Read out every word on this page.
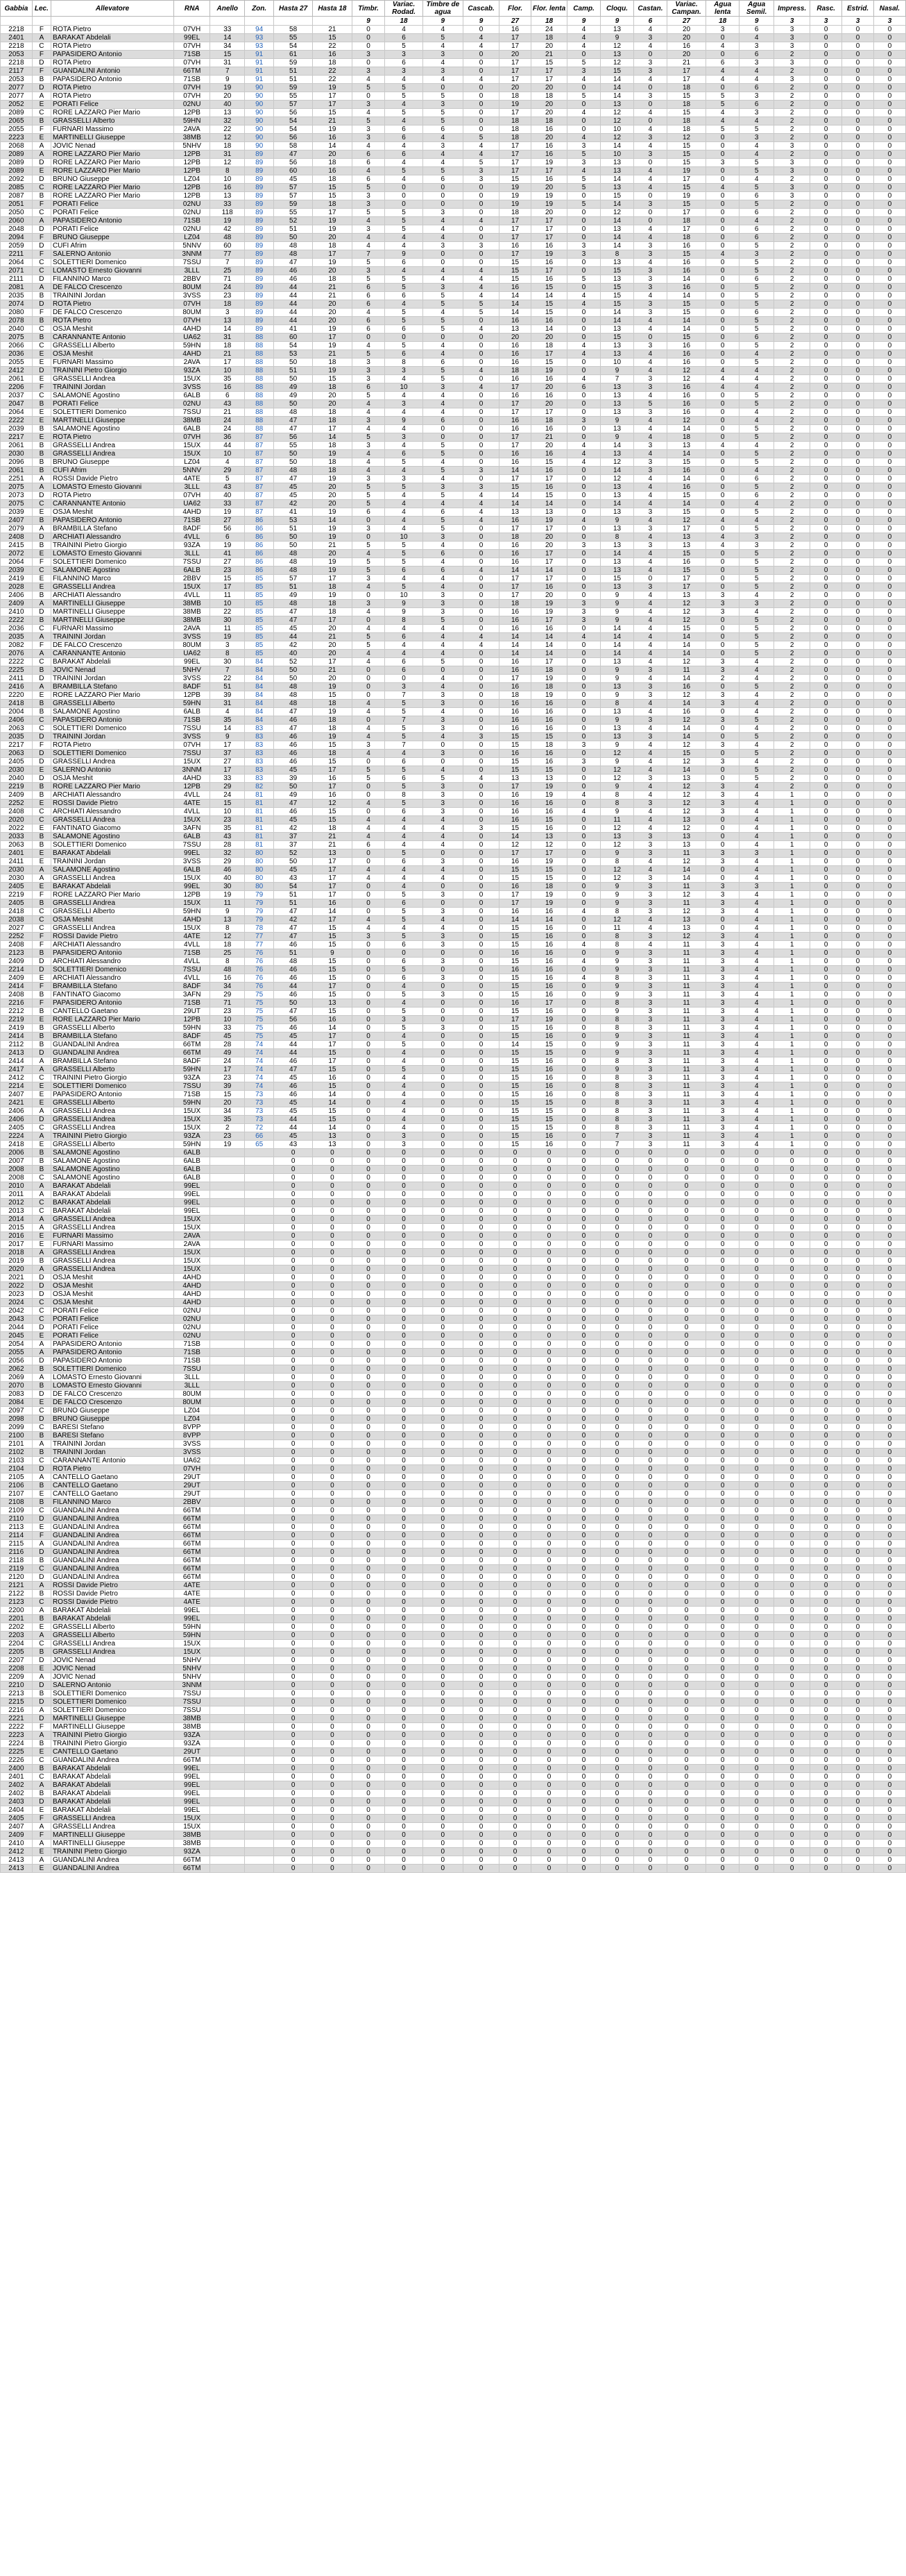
Gabbia	Lec.	Allevatore	RNA	Anello	Zon.	Hasta 27	Hasta 18	Timbr.	Variac. Rodad.	Timbre de agua	Cascab.	Flor.	Flor. lenta	Camp.	Cloqu.	Castan.	Variac. Campan.	Agua lenta	Agua Semil.	Impress.	Rasc.	Estrid.	Nasal.
								9	18	9	9	27	18	9	9	6	27	18	9	3	3	3	3
2218	F	ROTA Pietro	07VH	33	94	58	21	0	4	4	0	16	24	4	13	4	20	3	6	3	0	0	0
2401	A	BARAKAT Abdelali	99EL	14	93	55	15	0	6	5	4	17	18	4	9	3	20	0	4	3	0	0	0
2218	C	ROTA Pietro	07VH	34	93	54	22	0	5	4	4	17	20	4	12	4	16	4	3	3	0	0	0
2053	F	PAPASIDERO Antonio	71SB	15	91	61	16	3	3	3	0	20	21	0	13	0	20	0	6	2	0	0	0
2218	D	ROTA Pietro	07VH	31	91	59	18	0	6	4	0	17	15	5	12	3	21	6	3	3	0	0	0
2117	F	GUANDALINI Antonio	66TM	7	91	51	22	3	3	3	0	17	17	3	15	3	17	4	4	2	0	0	0
2053	B	PAPASIDERO Antonio	71SB	9	91	51	22	4	4	4	4	17	17	4	14	4	17	4	4	3	0	0	0
2077	D	ROTA Pietro	07VH	19	90	59	19	5	5	0	0	20	20	0	14	0	18	0	6	2	0	0	0
2077	A	ROTA Pietro	07VH	20	90	55	17	0	5	5	0	18	18	5	14	3	15	5	3	2	0	0	0
2052	E	PORATI Felice	02NU	40	90	57	17	3	4	3	0	19	20	0	13	0	18	5	6	2	0	0	0
2089	C	RORE LAZZARO Pier Mario	12PB	13	90	56	15	4	5	5	0	17	20	4	12	4	15	4	3	2	0	0	0
2065	B	GRASSELLI Alberto	59HN	32	90	54	21	5	4	5	0	18	18	0	12	0	18	4	4	2	0	0	0
2055	F	FURNARI Massimo	2AVA	22	90	54	19	3	6	6	0	18	16	0	10	4	18	5	5	2	0	0	0
2223	E	MARTINELLI Giuseppe	38MB	12	90	56	16	3	6	4	5	18	20	4	12	3	12	0	3	2	0	0	0
2068	A	JOVIC Nenad	5NHV	18	90	58	14	4	4	3	4	17	16	3	14	4	15	0	4	3	0	0	0
2089	A	RORE LAZZARO Pier Mario	12PB	31	89	47	20	6	6	4	4	17	16	5	10	3	15	0	4	2	0	0	0
2089	D	RORE LAZZARO Pier Mario	12PB	12	89	56	18	6	4	4	5	17	19	3	13	0	15	3	5	3	0	0	0
2089	E	RORE LAZZARO Pier Mario	12PB	8	89	60	16	4	5	5	3	17	17	4	13	4	19	0	5	3	0	0	0
2092	D	BRUNO Giuseppe	LZ04	10	89	45	18	6	4	6	3	15	16	5	14	4	17	0	4	2	0	0	0
2085	C	RORE LAZZARO Pier Mario	12PB	16	89	57	15	5	0	0	0	19	20	5	13	4	15	4	5	3	0	0	0
2087	B	RORE LAZZARO Pier Mario	12PB	13	89	57	15	3	0	0	0	19	19	0	15	0	19	0	6	3	0	0	0
2051	F	PORATI Felice	02NU	33	89	59	18	3	0	0	0	19	19	5	14	3	15	0	5	2	0	0	0
2050	C	PORATI Felice	02NU	118	89	55	17	5	5	3	0	18	20	0	12	0	17	0	6	2	0	0	0
2060	A	PAPASIDERO Antonio	71SB	19	89	52	19	4	5	4	4	17	17	0	14	0	18	0	4	2	0	0	0
2048	D	PORATI Felice	02NU	42	89	51	19	3	5	4	0	17	17	0	13	4	17	0	6	2	0	0	0
2094	F	BRUNO Giuseppe	LZ04	48	89	50	20	4	4	4	0	17	17	0	14	4	18	0	6	2	0	0	0
2059	D	CUFI Afrim	5NNV	60	89	48	18	4	4	3	3	16	16	3	14	3	16	0	5	2	0	0	0
2211	F	SALERNO Antonio	3NNM	77	89	48	17	7	9	0	0	17	19	3	8	3	15	4	3	2	0	0	0
2064	C	SOLETTIERI Domenico	7SSU	7	89	47	19	5	6	0	0	15	16	0	13	4	16	0	5	2	0	0	0
2071	C	LOMASTO Ernesto Giovanni	3LLL	25	89	46	20	3	4	4	4	15	17	0	15	3	16	0	5	2	0	0	0
2111	D	FILANNINO Marco	2BBV	71	89	46	18	5	5	4	4	15	16	5	13	3	14	0	6	2	0	0	0
2081	A	DE FALCO Crescenzo	80UM	24	89	44	21	6	5	3	4	16	15	0	15	3	16	0	5	2	0	0	0
2035	B	TRAININI Jordan	3VSS	23	89	44	21	6	6	5	4	14	14	4	15	4	14	0	5	2	0	0	0
2074	D	ROTA Pietro	07VH	18	89	44	20	6	4	5	5	14	15	4	15	3	15	0	5	2	0	0	0
2080	F	DE FALCO Crescenzo	80UM	3	89	44	20	4	5	4	5	14	15	0	14	3	15	0	6	2	0	0	0
2078	B	ROTA Pietro	07VH	13	89	44	20	6	5	5	0	16	16	0	14	4	14	0	5	2	0	0	0
2040	C	OSJA Meshit	4AHD	14	89	41	19	6	6	5	4	13	14	0	13	4	14	0	5	2	0	0	0
2075	B	CARANNANTE Antonio	UA62	31	88	60	17	0	0	0	0	20	20	0	15	0	15	0	6	2	0	0	0
2066	C	GRASSELLI Alberto	59HN	18	88	54	19	4	5	4	0	16	18	4	13	3	16	0	5	2	0	0	0
2036	E	OSJA Meshit	4AHD	21	88	53	21	5	6	4	0	16	17	4	13	4	16	0	4	2	0	0	0
2055	E	FURNARI Massimo	2AVA	17	88	50	18	3	8	6	0	16	15	0	10	4	16	0	5	2	0	0	0
2412	D	TRAININI Pietro Giorgio	93ZA	10	88	51	19	3	3	5	4	18	19	0	9	4	12	4	4	2	0	0	0
2061	E	GRASSELLI Andrea	15UX	35	88	50	15	3	4	5	0	16	16	4	7	3	12	4	4	2	0	0	0
2206	F	TRAININI Jordan	3VSS	16	88	49	18	6	10	3	4	17	20	6	13	3	16	4	4	2	0	0	0
2037	C	SALAMONE Agostino	6ALB	6	88	49	20	5	4	4	0	16	16	0	13	4	16	0	5	2	0	0	0
2047	B	PORATI Felice	02NU	43	88	50	20	4	3	4	0	17	20	0	13	5	16	0	5	2	0	0	0
2064	E	SOLETTIERI Domenico	7SSU	21	88	48	18	4	4	4	0	17	17	0	13	3	16	0	4	2	0	0	0
2222	E	MARTINELLI Giuseppe	38MB	24	88	47	18	3	9	6	0	16	18	3	9	4	12	0	4	2	0	0	0
2039	B	SALAMONE Agostino	6ALB	24	88	47	17	4	4	0	0	16	16	0	13	4	14	0	5	2	0	0	0
2217	E	ROTA Pietro	07VH	36	87	56	14	5	3	0	0	17	21	0	9	4	18	0	5	2	0	0	0
2061	B	GRASSELLI Andrea	15UX	44	87	55	18	3	4	5	0	17	20	4	14	3	13	4	4	2	0	0	0
2030	B	GRASSELLI Andrea	15UX	10	87	50	19	4	6	5	0	16	16	4	13	4	14	0	5	2	0	0	0
2096	B	BRUNO Giuseppe	LZ04	4	87	50	18	4	5	4	0	16	15	4	12	3	15	0	5	2	0	0	0
2061	B	CUFI Afrim	5NNV	29	87	48	18	4	4	5	3	14	16	0	14	3	16	0	4	2	0	0	0
2251	A	ROSSI Davide Pietro	4ATE	5	87	47	19	3	3	4	0	17	17	0	12	4	14	0	6	2	0	0	0
2075	A	LOMASTO Ernesto Giovanni	3LLL	43	87	45	20	5	5	3	3	15	16	0	13	4	16	0	5	2	0	0	0
2073	D	ROTA Pietro	07VH	40	87	45	20	5	4	5	4	14	15	0	13	4	15	0	6	2	0	0	0
2075	C	CARANNANTE Antonio	UA62	33	87	42	20	5	4	4	4	14	14	0	14	4	14	0	4	2	0	0	0
2039	E	OSJA Meshit	4AHD	19	87	41	19	6	4	6	4	13	13	0	13	3	15	0	5	2	0	0	0
2407	B	PAPASIDERO Antonio	71SB	27	86	53	14	0	4	5	4	16	19	4	9	4	12	4	4	2	0	0	0
2079	A	BRAMBILLA Stefano	8ADF	56	86	51	19	3	4	5	0	17	17	0	13	3	17	0	5	2	0	0	0
2408	D	ARCHIATI Alessandro	4VLL	6	86	50	19	0	10	3	0	18	20	0	8	4	13	4	3	2	0	0	0
2415	B	TRAININI Pietro Giorgio	93ZA	19	86	50	21	5	5	4	0	16	20	3	13	3	13	4	3	2	0	0	0
2072	E	LOMASTO Ernesto Giovanni	3LLL	41	86	48	20	4	5	6	0	16	17	0	14	4	15	0	5	2	0	0	0
2064	F	SOLETTIERI Domenico	7SSU	27	86	48	19	5	5	4	0	16	17	0	13	4	16	0	5	2	0	0	0
2039	C	SALAMONE Agostino	6ALB	23	86	48	19	5	6	6	4	14	14	0	13	4	15	0	5	2	0	0	0
2419	E	FILANNINO Marco	2BBV	15	85	57	17	3	4	4	0	17	17	0	15	0	17	0	5	2	0	0	0
2028	E	GRASSELLI Andrea	15UX	17	85	51	18	4	5	4	0	17	16	0	13	3	17	0	5	2	0	0	0
2406	B	ARCHIATI Alessandro	4VLL	11	85	49	19	0	10	3	0	17	20	0	9	4	13	3	4	2	0	0	0
2409	A	MARTINELLI Giuseppe	38MB	10	85	48	18	3	9	3	0	18	19	3	9	4	12	3	3	2	0	0	0
2410	D	MARTINELLI Giuseppe	38MB	22	85	47	18	4	9	3	0	16	19	3	9	4	12	3	4	2	0	0	0
2222	B	MARTINELLI Giuseppe	38MB	30	85	47	17	0	8	5	0	16	17	3	9	4	12	0	5	2	0	0	0
2036	C	FURNARI Massimo	2AVA	11	85	45	20	4	4	4	0	16	16	0	14	4	15	0	5	2	0	0	0
2035	A	TRAININI Jordan	3VSS	19	85	44	21	5	6	4	4	14	14	4	14	4	14	0	5	2	0	0	0
2082	F	DE FALCO Crescenzo	80UM	3	85	42	20	5	4	4	4	14	14	0	14	4	14	0	5	2	0	0	0
2076	A	CARANNANTE Antonio	UA62	8	85	40	20	4	4	4	0	14	14	0	14	4	14	0	5	2	0	0	0
2222	C	BARAKAT Abdelali	99EL	30	84	52	17	4	6	5	0	16	17	0	13	4	12	3	4	2	0	0	0
2225	B	JOVIC Nenad	5NHV	7	84	50	21	0	6	0	0	16	18	0	9	3	11	3	4	2	0	0	0
2411	D	TRAININI Jordan	3VSS	22	84	50	20	0	0	4	0	17	19	0	9	4	14	2	4	2	0	0	0
2416	A	BRAMBILLA Stefano	8ADF	51	84	48	19	0	3	4	0	16	18	0	13	3	16	0	5	2	0	0	0
2220	E	RORE LAZZARO Pier Mario	12PB	39	84	48	15	0	7	3	0	18	19	0	9	3	12	3	4	2	0	0	0
2418	B	GRASSELLI Alberto	59HN	31	84	48	18	4	5	3	0	16	16	0	8	4	14	3	4	2	0	0	0
2004	B	SALAMONE Agostino	6ALB	4	84	47	19	4	5	4	0	16	16	0	13	4	16	0	4	2	0	0	0
2406	C	PAPASIDERO Antonio	71SB	35	84	46	18	0	7	3	0	16	16	0	9	3	12	3	5	2	0	0	0
2063	C	SOLETTIERI Domenico	7SSU	14	83	47	18	4	5	3	0	16	16	0	13	4	14	0	4	2	0	0	0
2035	D	TRAININI Jordan	3VSS	9	83	46	19	4	5	4	3	15	15	0	13	3	14	0	5	2	0	0	0
2217	F	ROTA Pietro	07VH	17	83	46	15	3	7	0	0	15	18	3	9	4	12	3	4	2	0	0	0
2063	D	SOLETTIERI Domenico	7SSU	37	83	46	18	4	4	3	0	16	16	0	12	4	15	0	5	2	0	0	0
2405	D	GRASSELLI Andrea	15UX	27	83	46	15	0	6	0	0	15	16	3	9	4	12	3	4	2	0	0	0
2030	E	SALERNO Antonio	3NNM	17	83	45	17	5	5	4	0	15	15	0	12	4	14	0	5	2	0	0	0
2040	D	OSJA Meshit	4AHD	33	83	39	16	5	6	5	4	13	13	0	12	3	13	0	5	2	0	0	0
2219	B	RORE LAZZARO Pier Mario	12PB	29	82	50	17	0	5	3	0	17	19	0	9	4	12	3	4	2	0	0	0
2409	B	ARCHIATI Alessandro	4VLL	24	81	49	16	0	8	3	0	16	19	4	8	4	12	3	4	1	0	0	0
2252	E	ROSSI Davide Pietro	4ATE	15	81	47	12	4	5	3	0	16	16	0	8	3	12	3	4	1	0	0	0
2408	C	ARCHIATI Alessandro	4VLL	10	81	46	15	0	6	3	0	16	16	4	9	4	12	3	4	1	0	0	0
2020	C	GRASSELLI Andrea	15UX	23	81	45	15	4	4	4	0	16	15	0	11	4	13	0	4	1	0	0	0
2022	E	FANTINATO Giacomo	3AFN	35	81	42	18	4	4	4	3	15	16	0	12	4	12	0	4	1	0	0	0
2033	B	SALAMONE Agostino	6ALB	43	81	37	21	4	4	4	0	14	13	0	13	3	13	0	4	1	0	0	0
2063	B	SOLETTIERI Domenico	7SSU	28	81	37	21	6	4	4	0	12	12	0	12	3	13	0	4	1	0	0	0
2401	E	BARAKAT Abdelali	99EL	32	80	52	13	0	5	0	0	17	17	0	9	3	11	3	3	1	0	0	0
2411	E	TRAININI Jordan	3VSS	29	80	50	17	0	6	3	0	16	19	0	8	4	12	3	4	1	0	0	0
2030	A	SALAMONE Agostino	6ALB	46	80	45	17	4	4	4	0	15	15	0	12	4	14	0	4	1	0	0	0
2030	A	GRASSELLI Andrea	15UX	40	80	43	17	4	4	4	0	15	15	0	12	3	14	0	4	1	0	0	0
2405	E	BARAKAT Abdelali	99EL	30	80	54	17	0	4	0	0	16	18	0	9	3	11	3	3	1	0	0	0
2219	F	RORE LAZZARO Pier Mario	12PB	19	79	51	17	0	5	3	0	17	19	0	9	3	12	3	4	1	0	0	0
2405	B	GRASSELLI Andrea	15UX	11	79	51	16	0	6	0	0	17	19	0	9	3	11	3	4	1	0	0	0
2418	C	GRASSELLI Alberto	59HN	9	79	47	14	0	5	3	0	16	16	4	8	3	12	3	4	1	0	0	0
2038	C	OSJA Meshit	4AHD	13	79	42	17	4	5	4	0	14	14	0	12	4	13	0	4	1	0	0	0
2027	C	GRASSELLI Andrea	15UX	8	78	47	15	4	4	4	0	15	16	0	11	4	13	0	4	1	0	0	0
2252	F	ROSSI Davide Pietro	4ATE	12	77	47	15	3	5	3	0	15	16	0	8	3	12	3	4	1	0	0	0
2408	F	ARCHIATI Alessandro	4VLL	18	77	46	15	0	6	3	0	15	16	4	8	4	11	3	4	1	0	0	0
2123	B	PAPASIDERO Antonio	71SB	25	76	51	9	0	0	0	0	16	16	0	9	3	11	3	4	1	0	0	0
2409	D	ARCHIATI Alessandro	4VLL	8	76	48	15	0	6	3	0	15	16	4	9	3	11	3	4	1	0	0	0
2214	D	SOLETTIERI Domenico	7SSU	48	76	46	15	0	5	0	0	16	16	0	9	3	11	3	4	1	0	0	0
2409	E	ARCHIATI Alessandro	4VLL	16	76	46	15	0	6	3	0	15	16	4	8	3	11	3	4	1	0	0	0
2414	F	BRAMBILLA Stefano	8ADF	34	76	44	17	0	4	0	0	15	16	0	9	3	11	3	4	1	0	0	0
2408	B	FANTINATO Giacomo	3AFN	29	75	46	15	0	5	3	0	15	16	0	9	3	11	3	4	1	0	0	0
2216	F	PAPASIDERO Antonio	71SB	71	75	50	13	0	4	0	0	16	17	0	8	3	11	3	4	1	0	0	0
2212	B	CANTELLO Gaetano	29UT	23	75	47	15	0	5	0	0	15	16	0	9	3	11	3	4	1	0	0	0
2219	E	RORE LAZZARO Pier Mario	12PB	10	75	56	16	0	3	0	0	17	19	0	8	3	11	3	4	1	0	0	0
2419	B	GRASSELLI Alberto	59HN	33	75	46	14	0	5	3	0	15	16	0	8	3	11	3	4	1	0	0	0
2414	B	BRAMBILLA Stefano	8ADF	45	75	45	17	0	4	0	0	15	16	0	9	3	11	3	4	1	0	0	0
2112	B	GUANDALINI Andrea	66TM	28	74	44	17	0	5	0	0	14	15	0	9	3	11	3	4	1	0	0	0
2413	D	GUANDALINI Andrea	66TM	49	74	44	15	0	4	0	0	15	15	0	9	3	11	3	4	1	0	0	0
2414	A	BRAMBILLA Stefano	8ADF	24	74	46	17	0	4	0	0	15	16	0	8	3	11	3	4	1	0	0	0
2417	A	GRASSELLI Alberto	59HN	17	74	47	15	0	5	0	0	15	16	0	9	3	11	3	4	1	0	0	0
2412	C	TRAININI Pietro Giorgio	93ZA	23	74	45	16	0	4	0	0	15	16	0	8	3	11	3	4	1	0	0	0
2214	E	SOLETTIERI Domenico	7SSU	39	74	46	15	0	4	0	0	15	16	0	8	3	11	3	4	1	0	0	0
2407	E	PAPASIDERO Antonio	71SB	15	73	46	14	0	4	0	0	15	16	0	8	3	11	3	4	1	0	0	0
2421	E	GRASSELLI Alberto	59HN	20	73	45	14	0	4	0	0	15	15	0	8	3	11	3	4	1	0	0	0
2406	A	GRASSELLI Andrea	15UX	34	73	45	15	0	4	0	0	15	15	0	8	3	11	3	4	1	0	0	0
2406	D	GRASSELLI Andrea	15UX	35	73	44	15	0	4	0	0	15	15	0	8	3	11	3	4	1	0	0	0
2405	C	GRASSELLI Andrea	15UX	2	72	44	14	0	4	0	0	15	15	0	8	3	11	3	4	1	0	0	0
2224	A	TRAININI Pietro Giorgio	93ZA	23	66	45	13	0	3	0	0	15	16	0	7	3	11	3	4	1	0	0	0
2418	E	GRASSELLI Alberto	59HN	19	65	43	13	0	3	0	0	15	16	0	7	3	11	3	4	1	0	0	0
2006	B	SALAMONE Agostino	6ALB			0	0	0	0	0	0	0	0	0	0	0	0	0	0	0	0	0	0
2007	B	SALAMONE Agostino	6ALB			0	0	0	0	0	0	0	0	0	0	0	0	0	0	0	0	0	0
2008	B	SALAMONE Agostino	6ALB			0	0	0	0	0	0	0	0	0	0	0	0	0	0	0	0	0	0
2008	C	SALAMONE Agostino	6ALB			0	0	0	0	0	0	0	0	0	0	0	0	0	0	0	0	0	0
2010	A	BARAKAT Abdelali	99EL			0	0	0	0	0	0	0	0	0	0	0	0	0	0	0	0	0	0
2011	A	BARAKAT Abdelali	99EL			0	0	0	0	0	0	0	0	0	0	0	0	0	0	0	0	0	0
2012	C	BARAKAT Abdelali	99EL			0	0	0	0	0	0	0	0	0	0	0	0	0	0	0	0	0	0
2013	C	BARAKAT Abdelali	99EL			0	0	0	0	0	0	0	0	0	0	0	0	0	0	0	0	0	0
2014	A	GRASSELLI Andrea	15UX			0	0	0	0	0	0	0	0	0	0	0	0	0	0	0	0	0	0
2015	A	GRASSELLI Andrea	15UX			0	0	0	0	0	0	0	0	0	0	0	0	0	0	0	0	0	0
2016	E	FURNARI Massimo	2AVA			0	0	0	0	0	0	0	0	0	0	0	0	0	0	0	0	0	0
2017	E	FURNARI Massimo	2AVA			0	0	0	0	0	0	0	0	0	0	0	0	0	0	0	0	0	0
2018	A	GRASSELLI Andrea	15UX			0	0	0	0	0	0	0	0	0	0	0	0	0	0	0	0	0	0
2019	B	GRASSELLI Andrea	15UX			0	0	0	0	0	0	0	0	0	0	0	0	0	0	0	0	0	0
2020	A	GRASSELLI Andrea	15UX			0	0	0	0	0	0	0	0	0	0	0	0	0	0	0	0	0	0
2021	D	OSJA Meshit	4AHD			0	0	0	0	0	0	0	0	0	0	0	0	0	0	0	0	0	0
2022	D	OSJA Meshit	4AHD			0	0	0	0	0	0	0	0	0	0	0	0	0	0	0	0	0	0
2023	D	OSJA Meshit	4AHD			0	0	0	0	0	0	0	0	0	0	0	0	0	0	0	0	0	0
2024	C	OSJA Meshit	4AHD			0	0	0	0	0	0	0	0	0	0	0	0	0	0	0	0	0	0
2042	C	PORATI Felice	02NU			0	0	0	0	0	0	0	0	0	0	0	0	0	0	0	0	0	0
2043	C	PORATI Felice	02NU			0	0	0	0	0	0	0	0	0	0	0	0	0	0	0	0	0	0
2044	D	PORATI Felice	02NU			0	0	0	0	0	0	0	0	0	0	0	0	0	0	0	0	0	0
2045	E	PORATI Felice	02NU			0	0	0	0	0	0	0	0	0	0	0	0	0	0	0	0	0	0
2054	A	PAPASIDERO Antonio	71SB			0	0	0	0	0	0	0	0	0	0	0	0	0	0	0	0	0	0
2055	A	PAPASIDERO Antonio	71SB			0	0	0	0	0	0	0	0	0	0	0	0	0	0	0	0	0	0
2056	D	PAPASIDERO Antonio	71SB			0	0	0	0	0	0	0	0	0	0	0	0	0	0	0	0	0	0
2062	B	SOLETTIERI Domenico	7SSU			0	0	0	0	0	0	0	0	0	0	0	0	0	0	0	0	0	0
2069	A	LOMASTO Ernesto Giovanni	3LLL			0	0	0	0	0	0	0	0	0	0	0	0	0	0	0	0	0	0
2070	B	LOMASTO Ernesto Giovanni	3LLL			0	0	0	0	0	0	0	0	0	0	0	0	0	0	0	0	0	0
2083	D	DE FALCO Crescenzo	80UM			0	0	0	0	0	0	0	0	0	0	0	0	0	0	0	0	0	0
2084	E	DE FALCO Crescenzo	80UM			0	0	0	0	0	0	0	0	0	0	0	0	0	0	0	0	0	0
2097	C	BRUNO Giuseppe	LZ04			0	0	0	0	0	0	0	0	0	0	0	0	0	0	0	0	0	0
2098	D	BRUNO Giuseppe	LZ04			0	0	0	0	0	0	0	0	0	0	0	0	0	0	0	0	0	0
2099	C	BARESI Stefano	8VPP			0	0	0	0	0	0	0	0	0	0	0	0	0	0	0	0	0	0
2100	B	BARESI Stefano	8VPP			0	0	0	0	0	0	0	0	0	0	0	0	0	0	0	0	0	0
2101	A	TRAININI Jordan	3VSS			0	0	0	0	0	0	0	0	0	0	0	0	0	0	0	0	0	0
2102	B	TRAININI Jordan	3VSS			0	0	0	0	0	0	0	0	0	0	0	0	0	0	0	0	0	0
2103	C	CARANNANTE Antonio	UA62			0	0	0	0	0	0	0	0	0	0	0	0	0	0	0	0	0	0
2104	D	ROTA Pietro	07VH			0	0	0	0	0	0	0	0	0	0	0	0	0	0	0	0	0	0
2105	A	CANTELLO Gaetano	29UT			0	0	0	0	0	0	0	0	0	0	0	0	0	0	0	0	0	0
2106	B	CANTELLO Gaetano	29UT			0	0	0	0	0	0	0	0	0	0	0	0	0	0	0	0	0	0
2107	E	CANTELLO Gaetano	29UT			0	0	0	0	0	0	0	0	0	0	0	0	0	0	0	0	0	0
2108	B	FILANNINO Marco	2BBV			0	0	0	0	0	0	0	0	0	0	0	0	0	0	0	0	0	0
2109	C	GUANDALINI Andrea	66TM			0	0	0	0	0	0	0	0	0	0	0	0	0	0	0	0	0	0
2110	D	GUANDALINI Andrea	66TM			0	0	0	0	0	0	0	0	0	0	0	0	0	0	0	0	0	0
2113	E	GUANDALINI Andrea	66TM			0	0	0	0	0	0	0	0	0	0	0	0	0	0	0	0	0	0
2114	F	GUANDALINI Andrea	66TM			0	0	0	0	0	0	0	0	0	0	0	0	0	0	0	0	0	0
2115	A	GUANDALINI Andrea	66TM			0	0	0	0	0	0	0	0	0	0	0	0	0	0	0	0	0	0
2116	D	GUANDALINI Andrea	66TM			0	0	0	0	0	0	0	0	0	0	0	0	0	0	0	0	0	0
2118	B	GUANDALINI Andrea	66TM			0	0	0	0	0	0	0	0	0	0	0	0	0	0	0	0	0	0
2119	C	GUANDALINI Andrea	66TM			0	0	0	0	0	0	0	0	0	0	0	0	0	0	0	0	0	0
2120	D	GUANDALINI Andrea	66TM			0	0	0	0	0	0	0	0	0	0	0	0	0	0	0	0	0	0
2121	A	ROSSI Davide Pietro	4ATE			0	0	0	0	0	0	0	0	0	0	0	0	0	0	0	0	0	0
2122	B	ROSSI Davide Pietro	4ATE			0	0	0	0	0	0	0	0	0	0	0	0	0	0	0	0	0	0
2123	C	ROSSI Davide Pietro	4ATE			0	0	0	0	0	0	0	0	0	0	0	0	0	0	0	0	0	0
2200	A	BARAKAT Abdelali	99EL			0	0	0	0	0	0	0	0	0	0	0	0	0	0	0	0	0	0
2201	B	BARAKAT Abdelali	99EL			0	0	0	0	0	0	0	0	0	0	0	0	0	0	0	0	0	0
2202	E	GRASSELLI Alberto	59HN			0	0	0	0	0	0	0	0	0	0	0	0	0	0	0	0	0	0
2203	A	GRASSELLI Alberto	59HN			0	0	0	0	0	0	0	0	0	0	0	0	0	0	0	0	0	0
2204	C	GRASSELLI Andrea	15UX			0	0	0	0	0	0	0	0	0	0	0	0	0	0	0	0	0	0
2205	B	GRASSELLI Andrea	15UX			0	0	0	0	0	0	0	0	0	0	0	0	0	0	0	0	0	0
2207	D	JOVIC Nenad	5NHV			0	0	0	0	0	0	0	0	0	0	0	0	0	0	0	0	0	0
2208	E	JOVIC Nenad	5NHV			0	0	0	0	0	0	0	0	0	0	0	0	0	0	0	0	0	0
2209	A	JOVIC Nenad	5NHV			0	0	0	0	0	0	0	0	0	0	0	0	0	0	0	0	0	0
2210	D	SALERNO Antonio	3NNM			0	0	0	0	0	0	0	0	0	0	0	0	0	0	0	0	0	0
2213	B	SOLETTIERI Domenico	7SSU			0	0	0	0	0	0	0	0	0	0	0	0	0	0	0	0	0	0
2215	D	SOLETTIERI Domenico	7SSU			0	0	0	0	0	0	0	0	0	0	0	0	0	0	0	0	0	0
2216	A	SOLETTIERI Domenico	7SSU			0	0	0	0	0	0	0	0	0	0	0	0	0	0	0	0	0	0
2221	D	MARTINELLI Giuseppe	38MB			0	0	0	0	0	0	0	0	0	0	0	0	0	0	0	0	0	0
2222	F	MARTINELLI Giuseppe	38MB			0	0	0	0	0	0	0	0	0	0	0	0	0	0	0	0	0	0
2223	A	TRAININI Pietro Giorgio	93ZA			0	0	0	0	0	0	0	0	0	0	0	0	0	0	0	0	0	0
2224	B	TRAININI Pietro Giorgio	93ZA			0	0	0	0	0	0	0	0	0	0	0	0	0	0	0	0	0	0
2225	E	CANTELLO Gaetano	29UT			0	0	0	0	0	0	0	0	0	0	0	0	0	0	0	0	0	0
2226	C	GUANDALINI Andrea	66TM			0	0	0	0	0	0	0	0	0	0	0	0	0	0	0	0	0	0
2400	B	BARAKAT Abdelali	99EL			0	0	0	0	0	0	0	0	0	0	0	0	0	0	0	0	0	0
2401	C	BARAKAT Abdelali	99EL			0	0	0	0	0	0	0	0	0	0	0	0	0	0	0	0	0	0
2402	A	BARAKAT Abdelali	99EL			0	0	0	0	0	0	0	0	0	0	0	0	0	0	0	0	0	0
2402	B	BARAKAT Abdelali	99EL			0	0	0	0	0	0	0	0	0	0	0	0	0	0	0	0	0	0
2403	D	BARAKAT Abdelali	99EL			0	0	0	0	0	0	0	0	0	0	0	0	0	0	0	0	0	0
2404	E	BARAKAT Abdelali	99EL			0	0	0	0	0	0	0	0	0	0	0	0	0	0	0	0	0	0
2405	F	GRASSELLI Andrea	15UX			0	0	0	0	0	0	0	0	0	0	0	0	0	0	0	0	0	0
2407	A	GRASSELLI Andrea	15UX			0	0	0	0	0	0	0	0	0	0	0	0	0	0	0	0	0	0
2409	F	MARTINELLI Giuseppe	38MB			0	0	0	0	0	0	0	0	0	0	0	0	0	0	0	0	0	0
2410	A	MARTINELLI Giuseppe	38MB			0	0	0	0	0	0	0	0	0	0	0	0	0	0	0	0	0	0
2412	E	TRAININI Pietro Giorgio	93ZA			0	0	0	0	0	0	0	0	0	0	0	0	0	0	0	0	0	0
2413	A	GUANDALINI Andrea	66TM			0	0	0	0	0	0	0	0	0	0	0	0	0	0	0	0	0	0
2413	E	GUANDALINI Andrea	66TM			0	0	0	0	0	0	0	0	0	0	0	0	0	0	0	0	0	0
